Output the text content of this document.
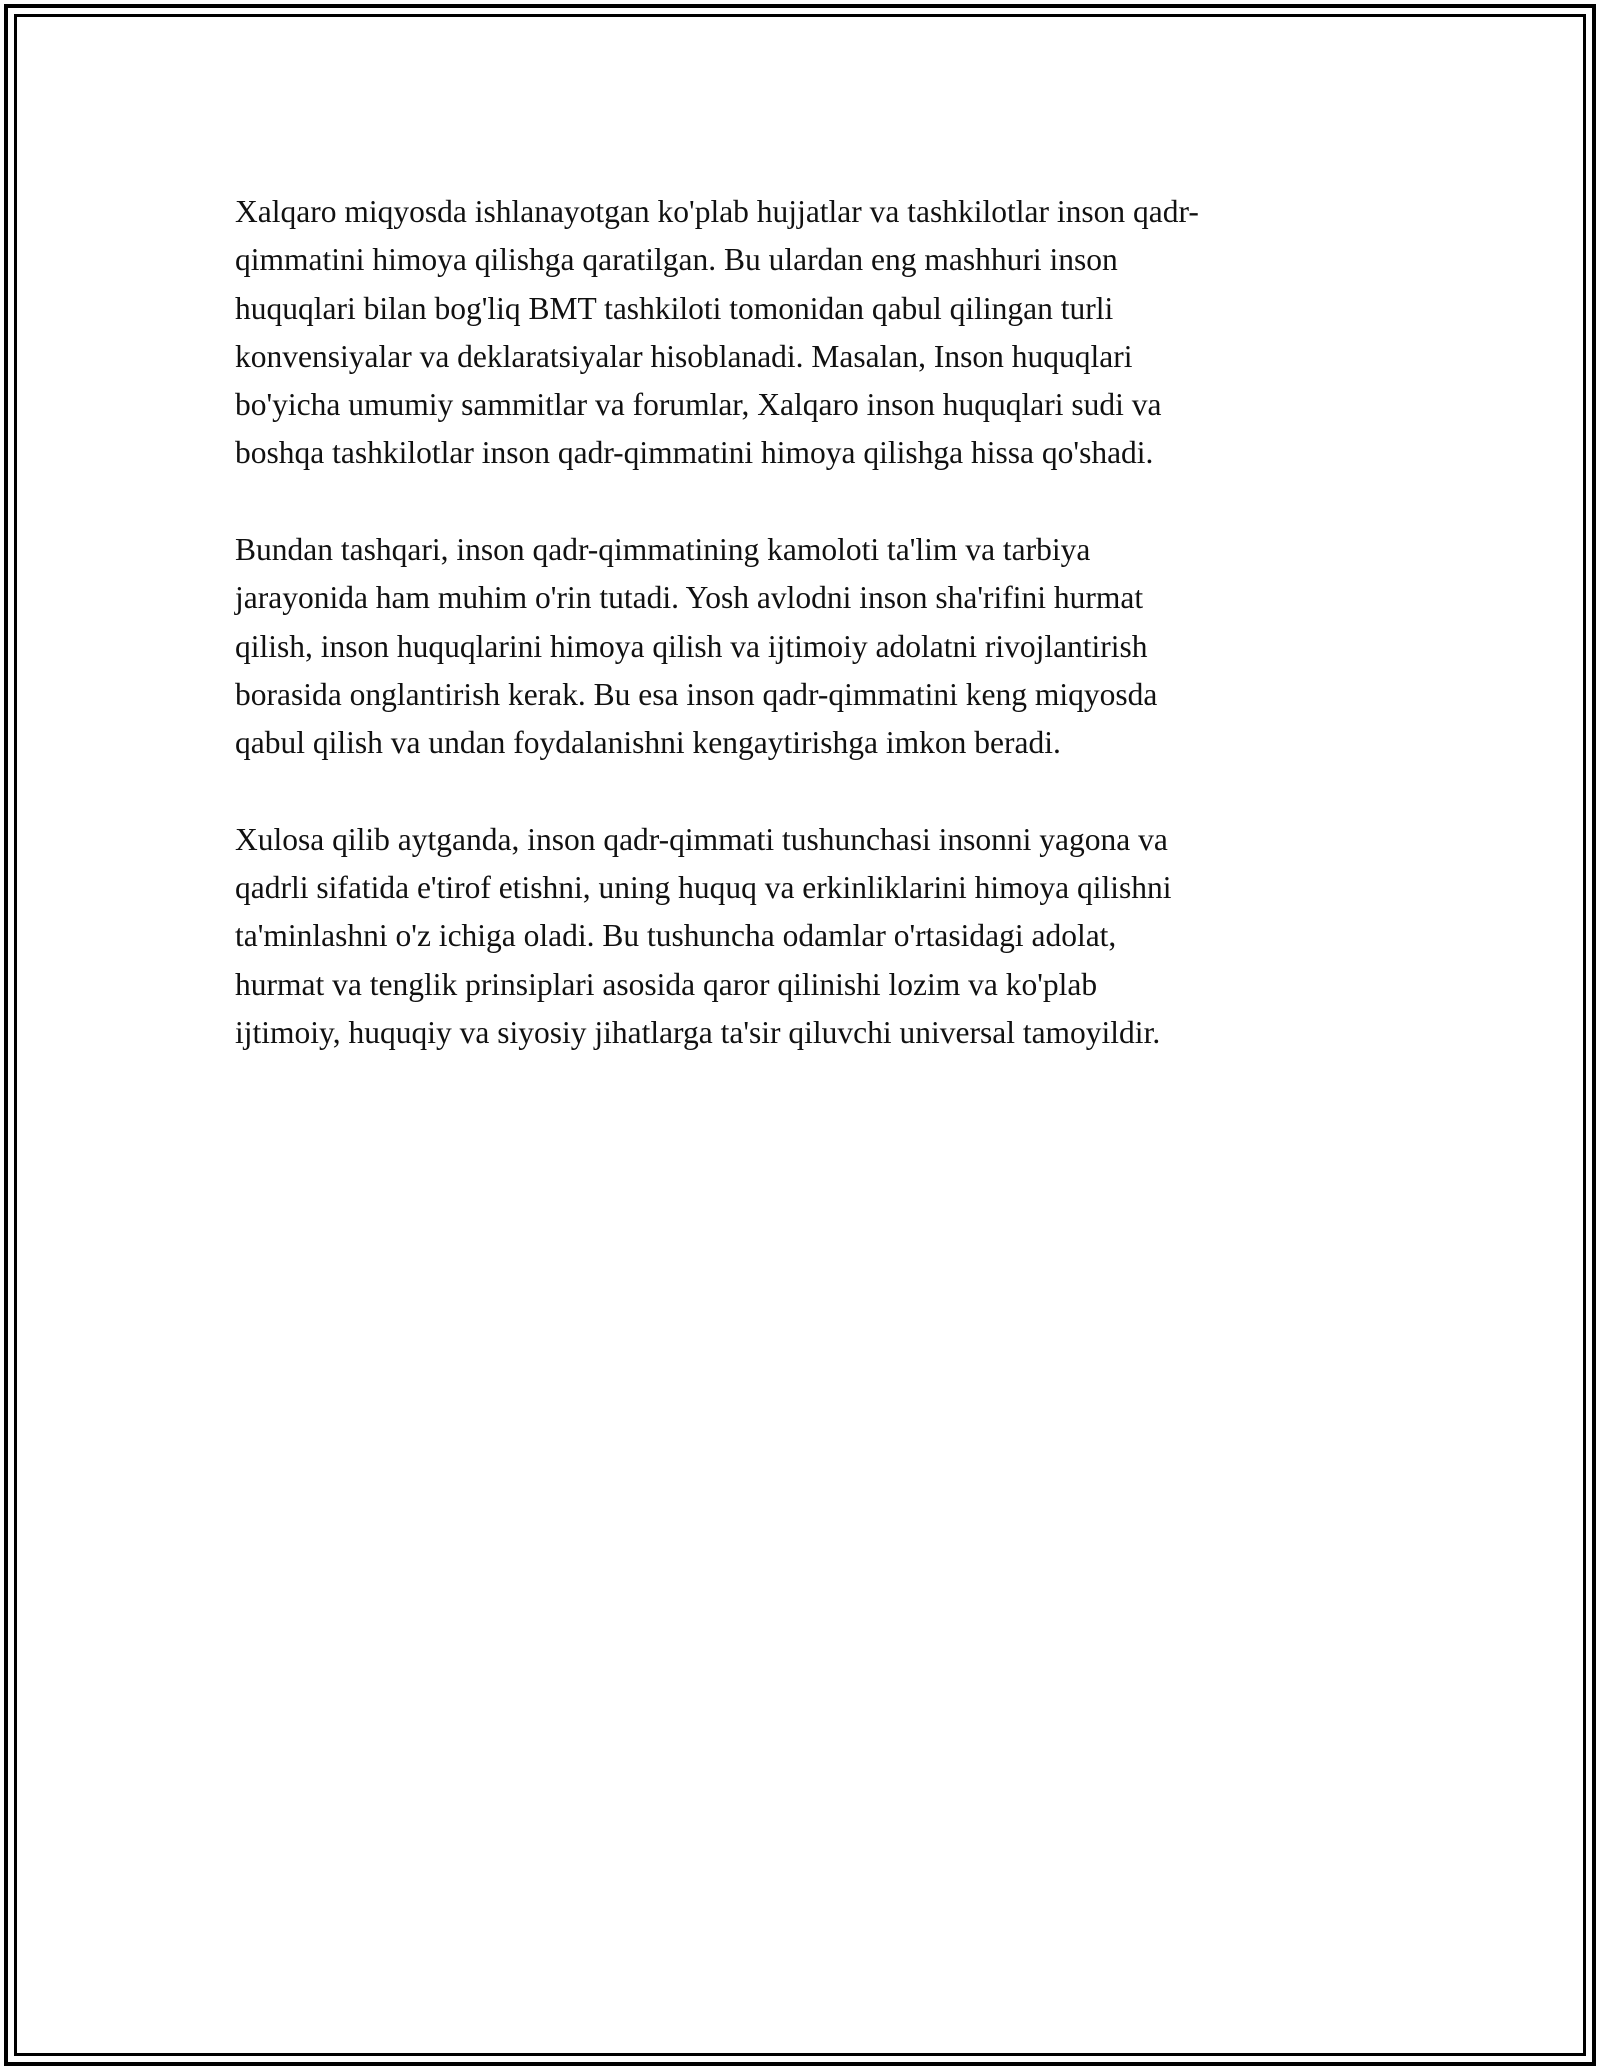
Xalqaro miqyosda ishlanayotgan ko'plab hujjatlar va tashkilotlar inson qadr-
qimmatini himoya qilishga qaratilgan. Bu ulardan eng mashhuri inson
huquqlari bilan bog'liq BMT tashkiloti tomonidan qabul qilingan turli
konvensiyalar va deklaratsiyalar hisoblanadi. Masalan, Inson huquqlari
bo'yicha umumiy sammitlar va forumlar, Xalqaro inson huquqlari sudi va
boshqa tashkilotlar inson qadr-qimmatini himoya qilishga hissa qo'shadi.

Bundan tashqari, inson qadr-qimmatining kamoloti ta'lim va tarbiya
jarayonida ham muhim o'rin tutadi. Yosh avlodni inson sha'rifini hurmat
qilish, inson huquqlarini himoya qilish va ijtimoiy adolatni rivojlantirish
borasida onglantirish kerak. Bu esa inson qadr-qimmatini keng miqyosda
qabul qilish va undan foydalanishni kengaytirishga imkon beradi.

Xulosa qilib aytganda, inson qadr-qimmati tushunchasi insonni yagona va
qadrli sifatida e'tirof etishni, uning huquq va erkinliklarini himoya qilishni
ta'minlashni o'z ichiga oladi. Bu tushuncha odamlar o'rtasidagi adolat,
hurmat va tenglik prinsiplari asosida qaror qilinishi lozim va ko'plab
ijtimoiy, huquqiy va siyosiy jihatlarga ta'sir qiluvchi universal tamoyildir.
